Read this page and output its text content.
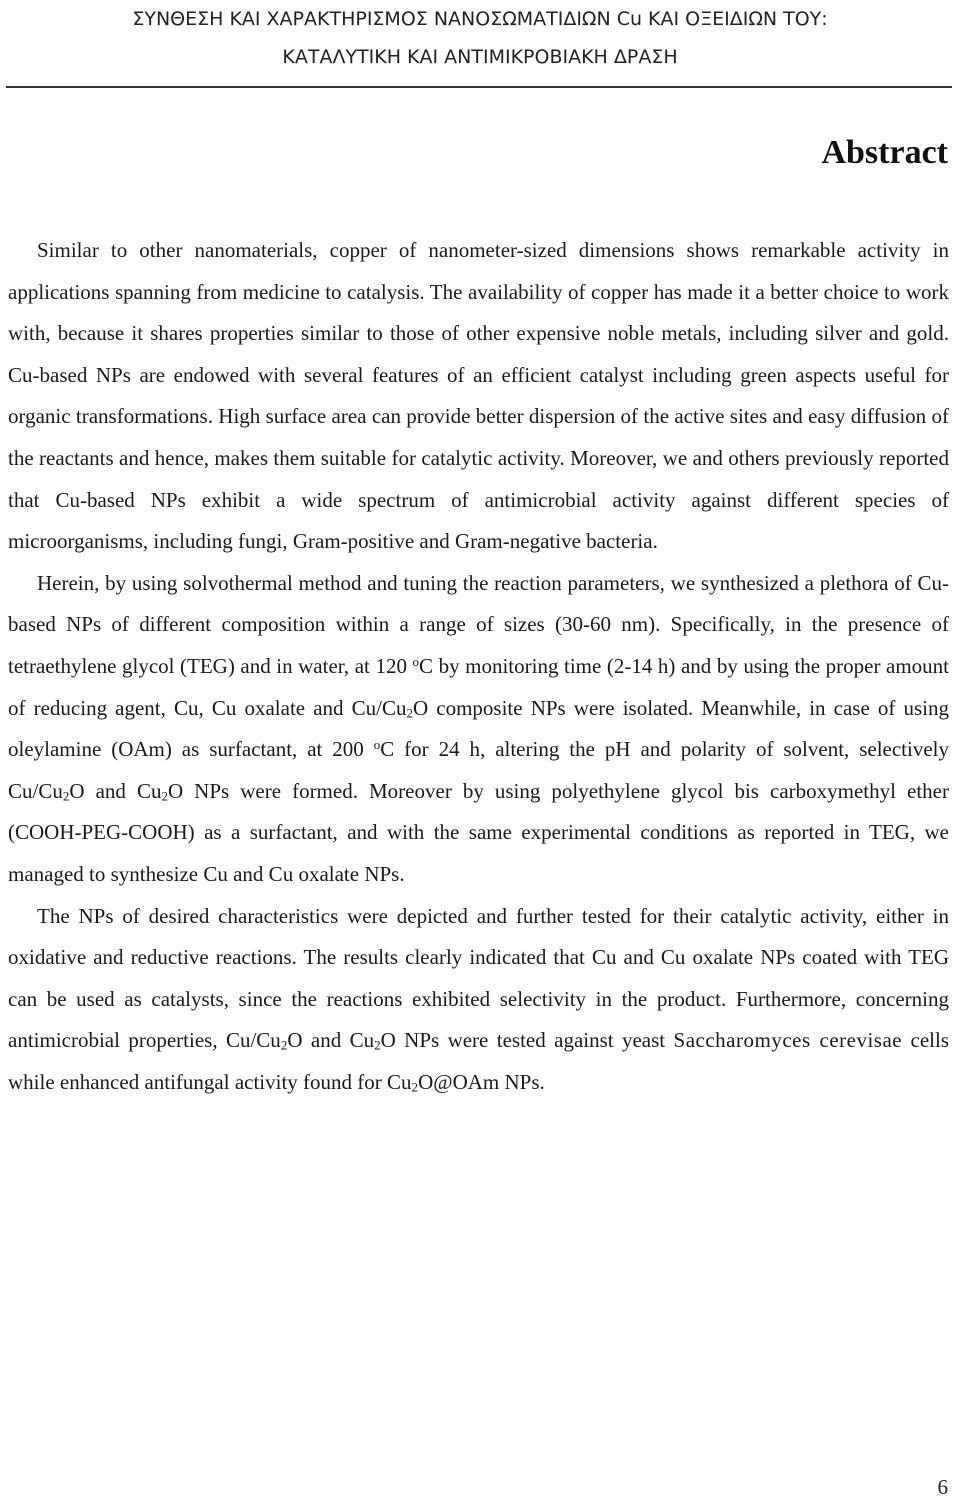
ΣΥΝΘΕΣΗ ΚΑΙ ΧΑΡΑΚΤΗΡΙΣΜΟΣ ΝΑΝΟΣΩΜΑΤΙΔΙΩΝ Cu ΚΑΙ ΟΞΕΙΔΙΩΝ ΤΟΥ:
ΚΑΤΑΛΥΤΙΚΗ ΚΑΙ ΑΝΤΙΜΙΚΡΟΒΙΑΚΗ ΔΡΑΣΗ
Abstract

Similar to other nanomaterials, copper of nanometer-sized dimensions shows remarkable activity in applications spanning from medicine to catalysis. The availability of copper has made it a better choice to work with, because it shares properties similar to those of other expensive noble metals, including silver and gold. Cu-based NPs are endowed with several features of an efficient catalyst including green aspects useful for organic transformations. High surface area can provide better dispersion of the active sites and easy diffusion of the reactants and hence, makes them suitable for catalytic activity. Moreover, we and others previously reported that Cu-based NPs exhibit a wide spectrum of antimicrobial activity against different species of microorganisms, including fungi, Gram-positive and Gram-negative bacteria.

Herein, by using solvothermal method and tuning the reaction parameters, we synthesized a plethora of Cu-based NPs of different composition within a range of sizes (30-60 nm). Specifically, in the presence of tetraethylene glycol (TEG) and in water, at 120 $^o$C by monitoring time (2-14 h) and by using the proper amount of reducing agent, Cu, Cu oxalate and $Cu/Cu_2O$ composite NPs were isolated. Meanwhile, in case of using oleylamine (OAm) as surfactant, at 200 $^o$C for 24 h, altering the pH and polarity of solvent, selectively $Cu/Cu_2O$ and $Cu_2O$ NPs were formed. Moreover by using polyethylene glycol bis carboxymethyl ether (COOH-PEG-COOH) as a surfactant, and with the same experimental conditions as reported in TEG, we managed to synthesize Cu and Cu oxalate NPs.

The NPs of desired characteristics were depicted and further tested for their catalytic activity, either in oxidative and reductive reactions. The results clearly indicated that Cu and Cu oxalate NPs coated with TEG can be used as catalysts, since the reactions exhibited selectivity in the product. Furthermore, concerning antimicrobial properties, $Cu/Cu_2O$ and $Cu_2O$ NPs were tested against yeast Saccharomyces cerevisae cells while enhanced antifungal activity found for $Cu_2O@OAm$ NPs.

6
